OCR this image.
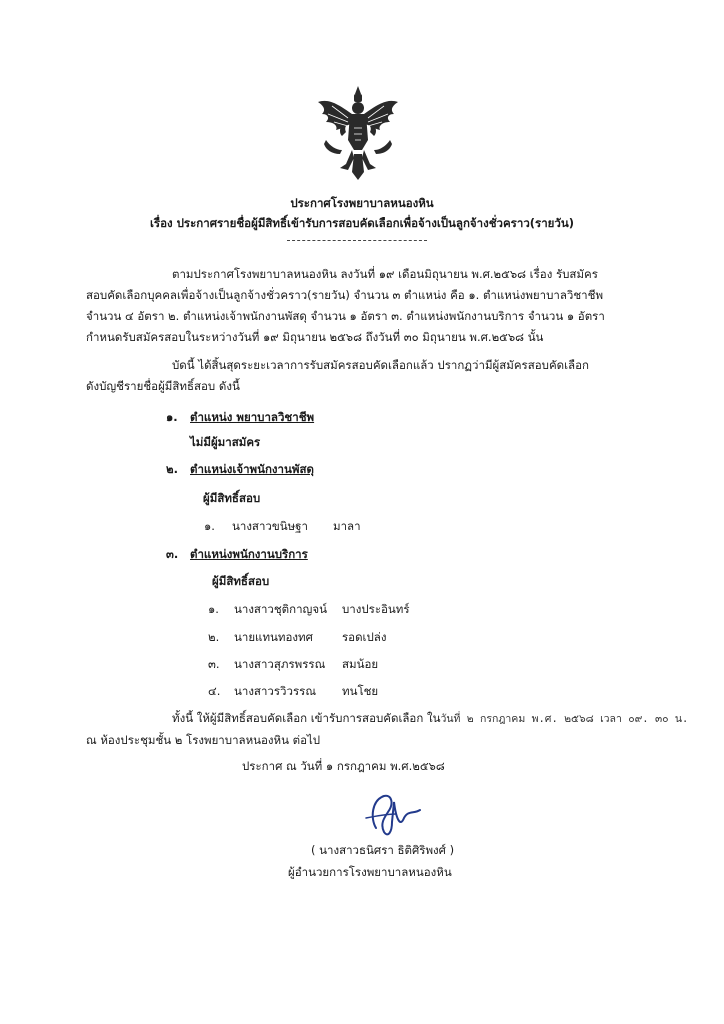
ประกาศโรงพยาบาลหนองหิน
เรื่อง ประกาศรายชื่อผู้มีสิทธิ์เข้ารับการสอบคัดเลือกเพื่อจ้างเป็นลูกจ้างชั่วคราว(รายวัน)
ตามประกาศโรงพยาบาลหนองหิน ลงวันที่ ๑๙ เดือนมิถุนายน พ.ศ.๒๕๖๘ เรื่อง รับสมัคร
สอบคัดเลือกบุคคลเพื่อจ้างเป็นลูกจ้างชั่วคราว(รายวัน) จำนวน ๓ ตำแหน่ง คือ ๑. ตำแหน่งพยาบาลวิชาชีพ
จำนวน ๔ อัตรา ๒. ตำแหน่งเจ้าพนักงานพัสดุ จำนวน ๑ อัตรา ๓. ตำแหน่งพนักงานบริการ จำนวน ๑ อัตรา
กำหนดรับสมัครสอบในระหว่างวันที่ ๑๙ มิถุนายน ๒๕๖๘ ถึงวันที่ ๓๐ มิถุนายน พ.ศ.๒๕๖๘ นั้น
บัดนี้ ได้สิ้นสุดระยะเวลาการรับสมัครสอบคัดเลือกแล้ว ปรากฏว่ามีผู้สมัครสอบคัดเลือก
ดังบัญชีรายชื่อผู้มีสิทธิ์สอบ ดังนี้
๑. ตำแหน่ง พยาบาลวิชาชีพ
ไม่มีผู้มาสมัคร
๒. ตำแหน่งเจ้าพนักงานพัสดุ
ผู้มีสิทธิ์สอบ
๑. นางสาวขนิษฐา มาลา
๓. ตำแหน่งพนักงานบริการ
ผู้มีสิทธิ์สอบ
๑. นางสาวชุติกาญจน์ บางประอินทร์
๒. นายแทนทองทศ	รอดเปล่ง
๓. นางสาวสุภรพรรณ สมน้อย
๔. นางสาวรวิวรรณ ทนโชย
ทั้งนี้ ให้ผู้มีสิทธิ์สอบคัดเลือก เข้ารับการสอบคัดเลือก ในวันที่ ๒ กรกฎาคม พ.ศ. ๒๕๖๘ เวลา ๐๙. ๓๐ น.
ณ ห้องประชุมชั้น ๒ โรงพยาบาลหนองหิน ต่อไป
ประกาศ ณ วันที่ ๑ กรกฎาคม พ.ศ.๒๕๖๘
( นางสาวธนิศรา ธิติศิริพงศ์ )
ผู้อำนวยการโรงพยาบาลหนองหิน
